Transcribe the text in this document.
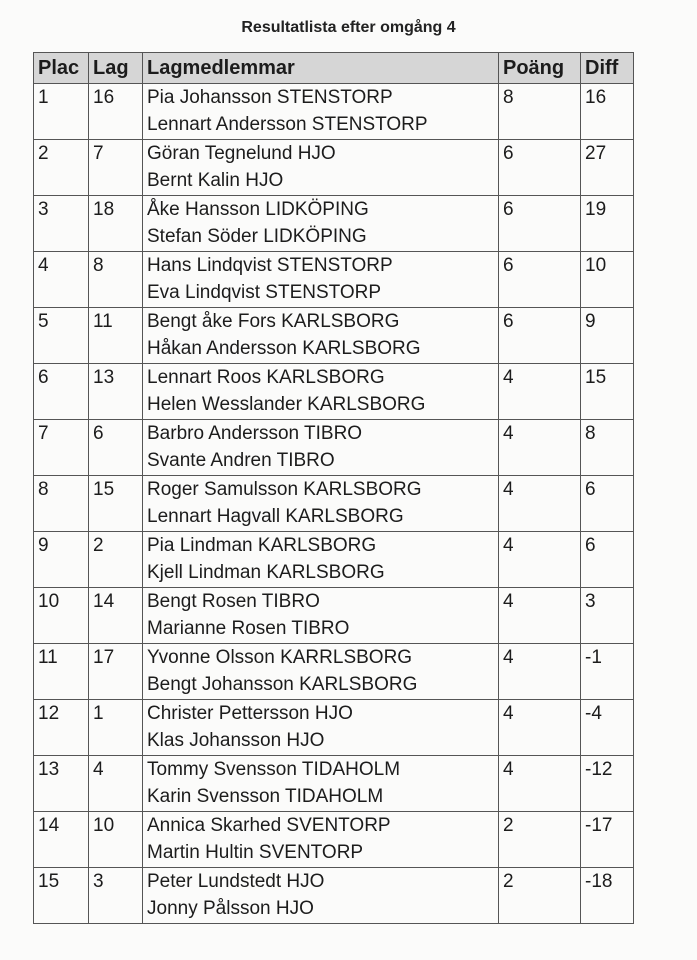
Resultatlista efter omgång 4
Plac	Lag	Lagmedlemmar	Poäng	Diff
1	16	Pia Johansson STENSTORP
Lennart Andersson STENSTORP	8	16
2	7	Göran Tegnelund HJO
Bernt Kalin HJO	6	27
3	18	Åke Hansson LIDKÖPING
Stefan Söder LIDKÖPING	6	19
4	8	Hans Lindqvist STENSTORP
Eva Lindqvist STENSTORP	6	10
5	11	Bengt åke Fors KARLSBORG
Håkan Andersson KARLSBORG	6	9
6	13	Lennart Roos KARLSBORG
Helen Wesslander KARLSBORG	4	15
7	6	Barbro Andersson TIBRO
Svante Andren TIBRO	4	8
8	15	Roger Samulsson KARLSBORG
Lennart Hagvall KARLSBORG	4	6
9	2	Pia Lindman KARLSBORG
Kjell Lindman KARLSBORG	4	6
10	14	Bengt Rosen TIBRO
Marianne Rosen TIBRO	4	3
11	17	Yvonne Olsson KARRLSBORG
Bengt Johansson KARLSBORG	4	-1
12	1	Christer Pettersson HJO
Klas Johansson HJO	4	-4
13	4	Tommy Svensson TIDAHOLM
Karin Svensson TIDAHOLM	4	-12
14	10	Annica Skarhed SVENTORP
Martin Hultin SVENTORP	2	-17
15	3	Peter Lundstedt HJO
Jonny Pålsson HJO	2	-18
